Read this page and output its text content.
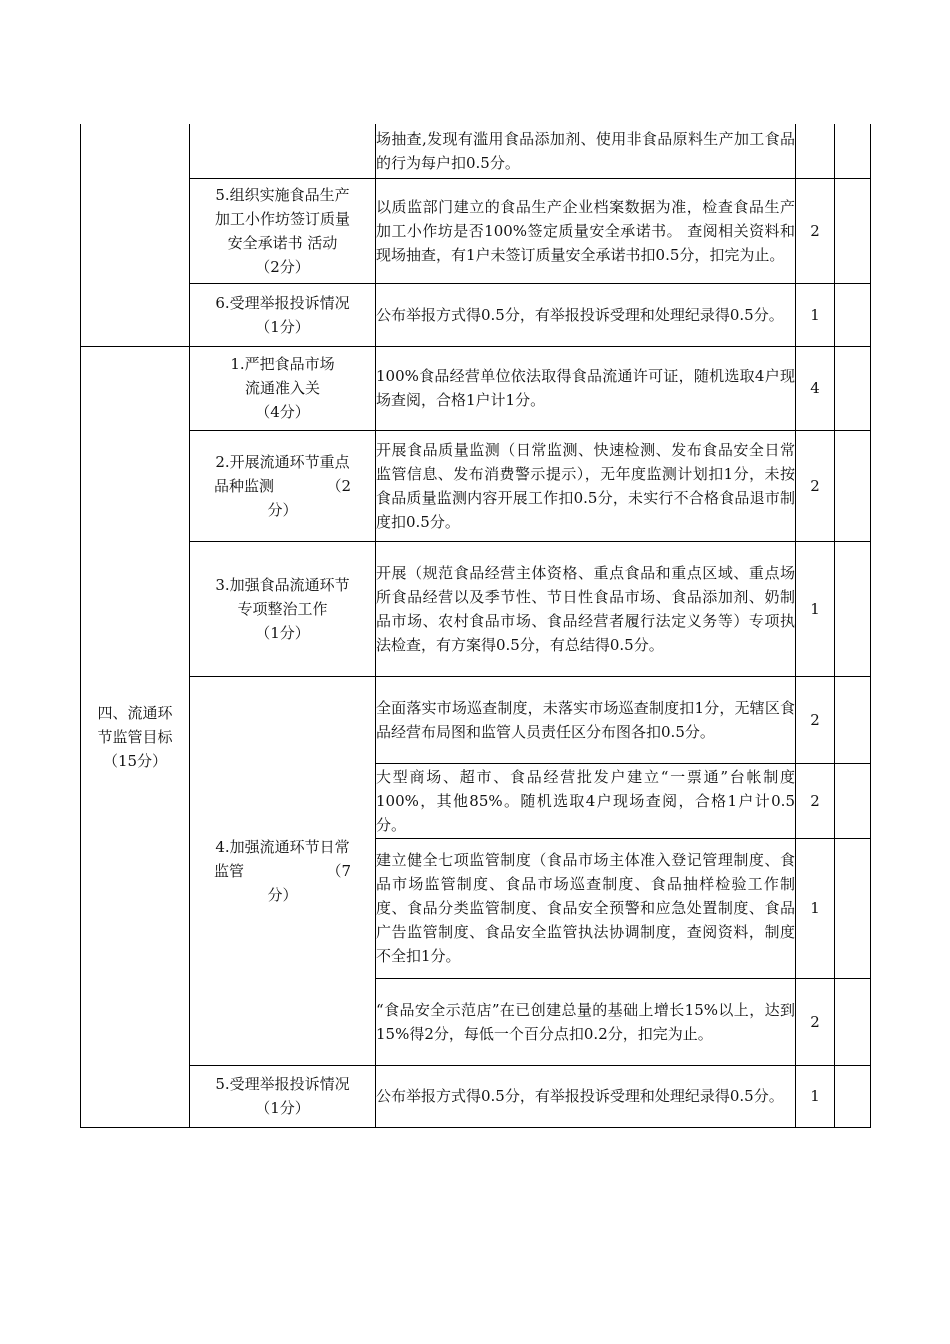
		场抽查,发现有滥用食品添加剂、使用非食品原料生产加工食品的行为每户扣0.5分。		

	5.组织实施食品生产
加工小作坊签订质量
安全承诺书 活动
（2分）	以质监部门建立的食品生产企业档案数据为准，检查食品生产加工小作坊是否100%签定质量安全承诺书。 查阅相关资料和现场抽查，有1户未签订质量安全承诺书扣0.5分，扣完为止。	2	

	6.受理举报投诉情况
（1分）	公布举报方式得0.5分，有举报投诉受理和处理纪录得0.5分。	1	

四、流通环
节监管目标
（15分）	1.严把食品市场
流通准入关
（4分）	100%食品经营单位依法取得食品流通许可证，随机选取4户现场查阅，合格1户计1分。	4	

	2.开展流通环节重点
品种监测　　　　（2
分）	开展食品质量监测（日常监测、快速检测、发布食品安全日常监管信息、发布消费警示提示），无年度监测计划扣1分，未按食品质量监测内容开展工作扣0.5分，未实行不合格食品退市制度扣0.5分。	2	

	3.加强食品流通环节
专项整治工作
（1分）	开展（规范食品经营主体资格、重点食品和重点区域、重点场所食品经营以及季节性、节日性食品市场、食品添加剂、奶制品市场、农村食品市场、食品经营者履行法定义务等）专项执法检查，有方案得0.5分，有总结得0.5分。	1	

	4.加强流通环节日常
监管　　　　　　（7
分）	全面落实市场巡查制度，未落实市场巡查制度扣1分，无辖区食品经营布局图和监管人员责任区分布图各扣0.5分。	2	
		大型商场、超市、食品经营批发户建立“一票通”台帐制度100%，其他85%。随机选取4户现场查阅，合格1户计0.5分。	2	
		建立健全七项监管制度（食品市场主体准入登记管理制度、食品市场监管制度、食品市场巡查制度、食品抽样检验工作制度、食品分类监管制度、食品安全预警和应急处置制度、食品广告监管制度、食品安全监管执法协调制度，查阅资料，制度不全扣1分。	1	
		“食品安全示范店”在已创建总量的基础上增长15%以上，达到15%得2分，每低一个百分点扣0.2分，扣完为止。	2	

	5.受理举报投诉情况
（1分）	公布举报方式得0.5分，有举报投诉受理和处理纪录得0.5分。	1	
